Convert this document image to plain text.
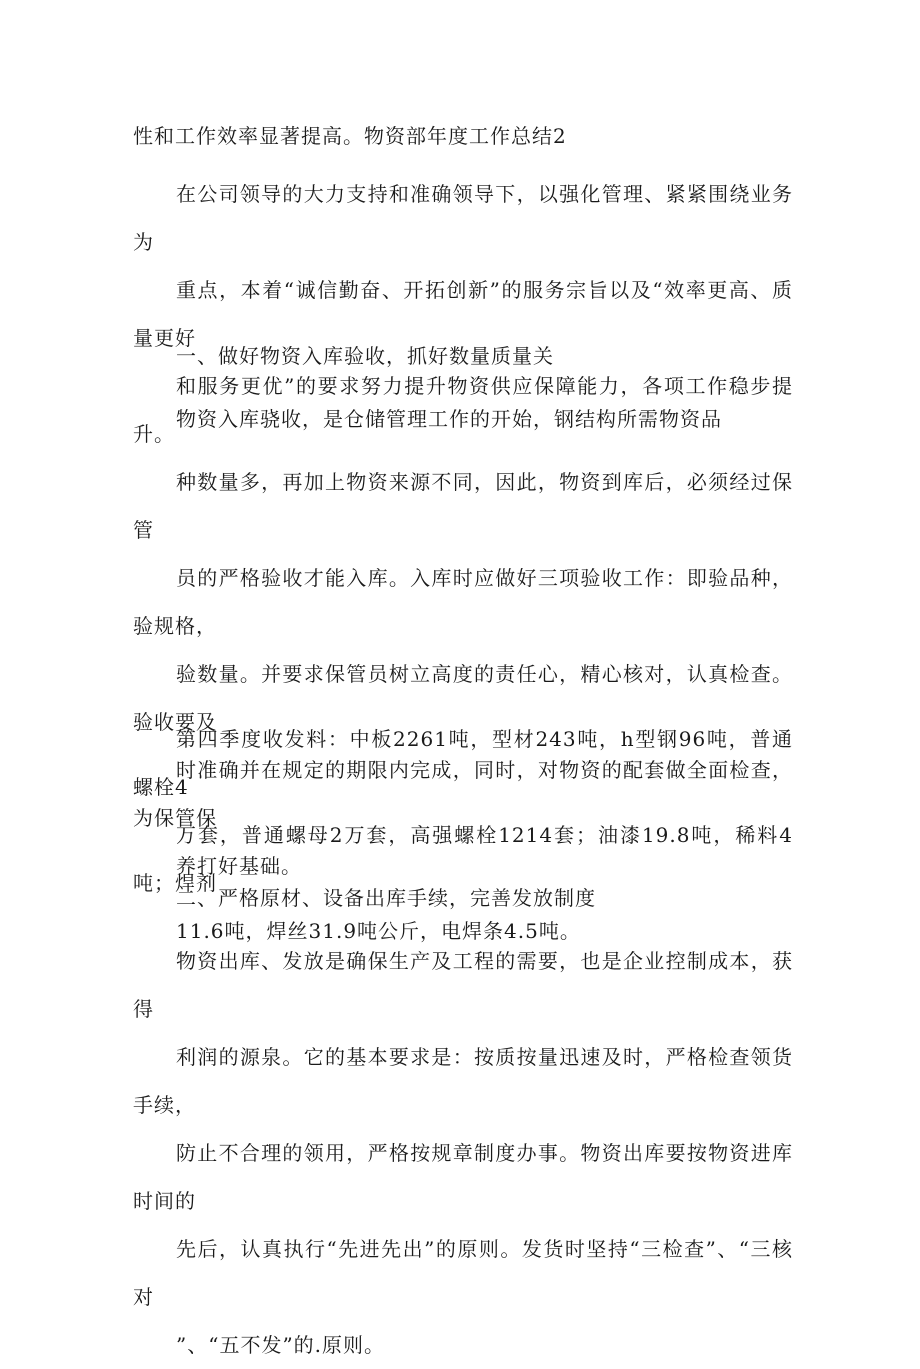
性和工作效率显著提高。物资部年度工作总结2

在公司领导的大力支持和准确领导下，以强化管理、紧紧围绕业务为
重点，本着“诚信勤奋、开拓创新”的服务宗旨以及“效率更高、质量更好
和服务更优”的要求努力提升物资供应保障能力，各项工作稳步提升。

一、做好物资入库验收，抓好数量质量关

物资入库骁收，是仓储管理工作的开始，钢结构所需物资品

种数量多，再加上物资来源不同，因此，物资到库后，必须经过保管
员的严格验收才能入库。入库时应做好三项验收工作：即验品种，验规格，
验数量。并要求保管员树立高度的责任心，精心核对，认真检查。验收要及
时准确并在规定的期限内完成，同时，对物资的配套做全面检查，为保管保
养打好基础。

第四季度收发料：中板2261吨，型材243吨，h型钢96吨，普通螺栓4
万套，普通螺母2万套，高强螺栓1214套；油漆19.8吨，稀料4吨；焊剂
11.6吨，焊丝31.9吨公斤，电焊条4.5吨。

二、严格原材、设备出库手续，完善发放制度

物资出库、发放是确保生产及工程的需要，也是企业控制成本，获得
利润的源泉。它的基本要求是：按质按量迅速及时，严格检查领货手续，
防止不合理的领用，严格按规章制度办事。物资出库要按物资进库时间的
先后，认真执行“先进先出”的原则。发货时坚持“三检查”、“三核对
”、“五不发”的.原则。
